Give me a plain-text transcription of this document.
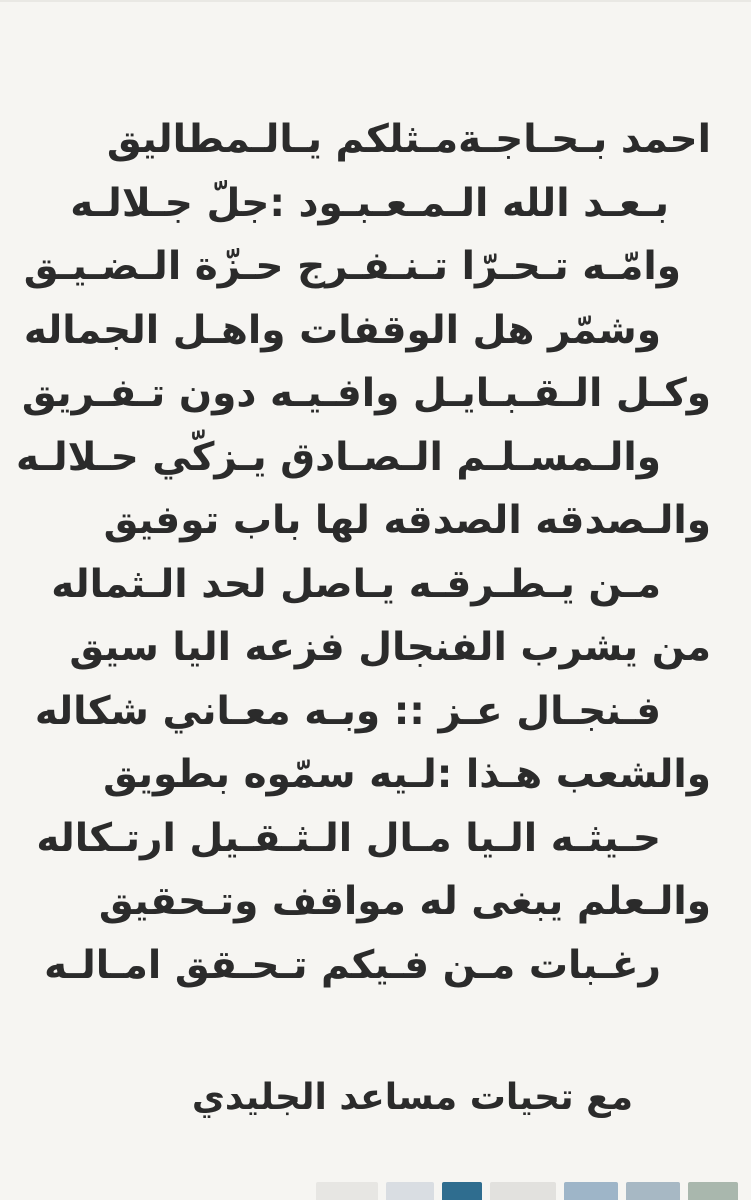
احمد بـحـاجـةمـثلكم يـالـمطاليق
بـعـد الله الـمـعـبـود :جلّ جـلالـه
وامّـه تـحـرّا تـنـفـرج حـزّة الـضـيـق
وشمّر هل الوقفات واهـل الجماله
وكـل الـقـبـايـل وافـيـه دون تـفـريق
والـمسـلـم الـصـادق يـزكّي حـلالـه
والـصدقه الصدقه لها باب توفيق
مـن يـطـرقـه يـاصل لحد الـثماله
من يشرب الفنجال فزعه اليا سيق
فـنجـال عـز :: وبـه معـاني شكاله
والشعب هـذا :لـيه سمّوه بطويق
حـيثـه الـيا مـال الـثـقـيل ارتـكاله
والـعلم يبغى له مواقف وتـحقيق
رغـبات مـن فـيكم تـحـقق امـالـه
مع تحيات مساعد الجليدي
